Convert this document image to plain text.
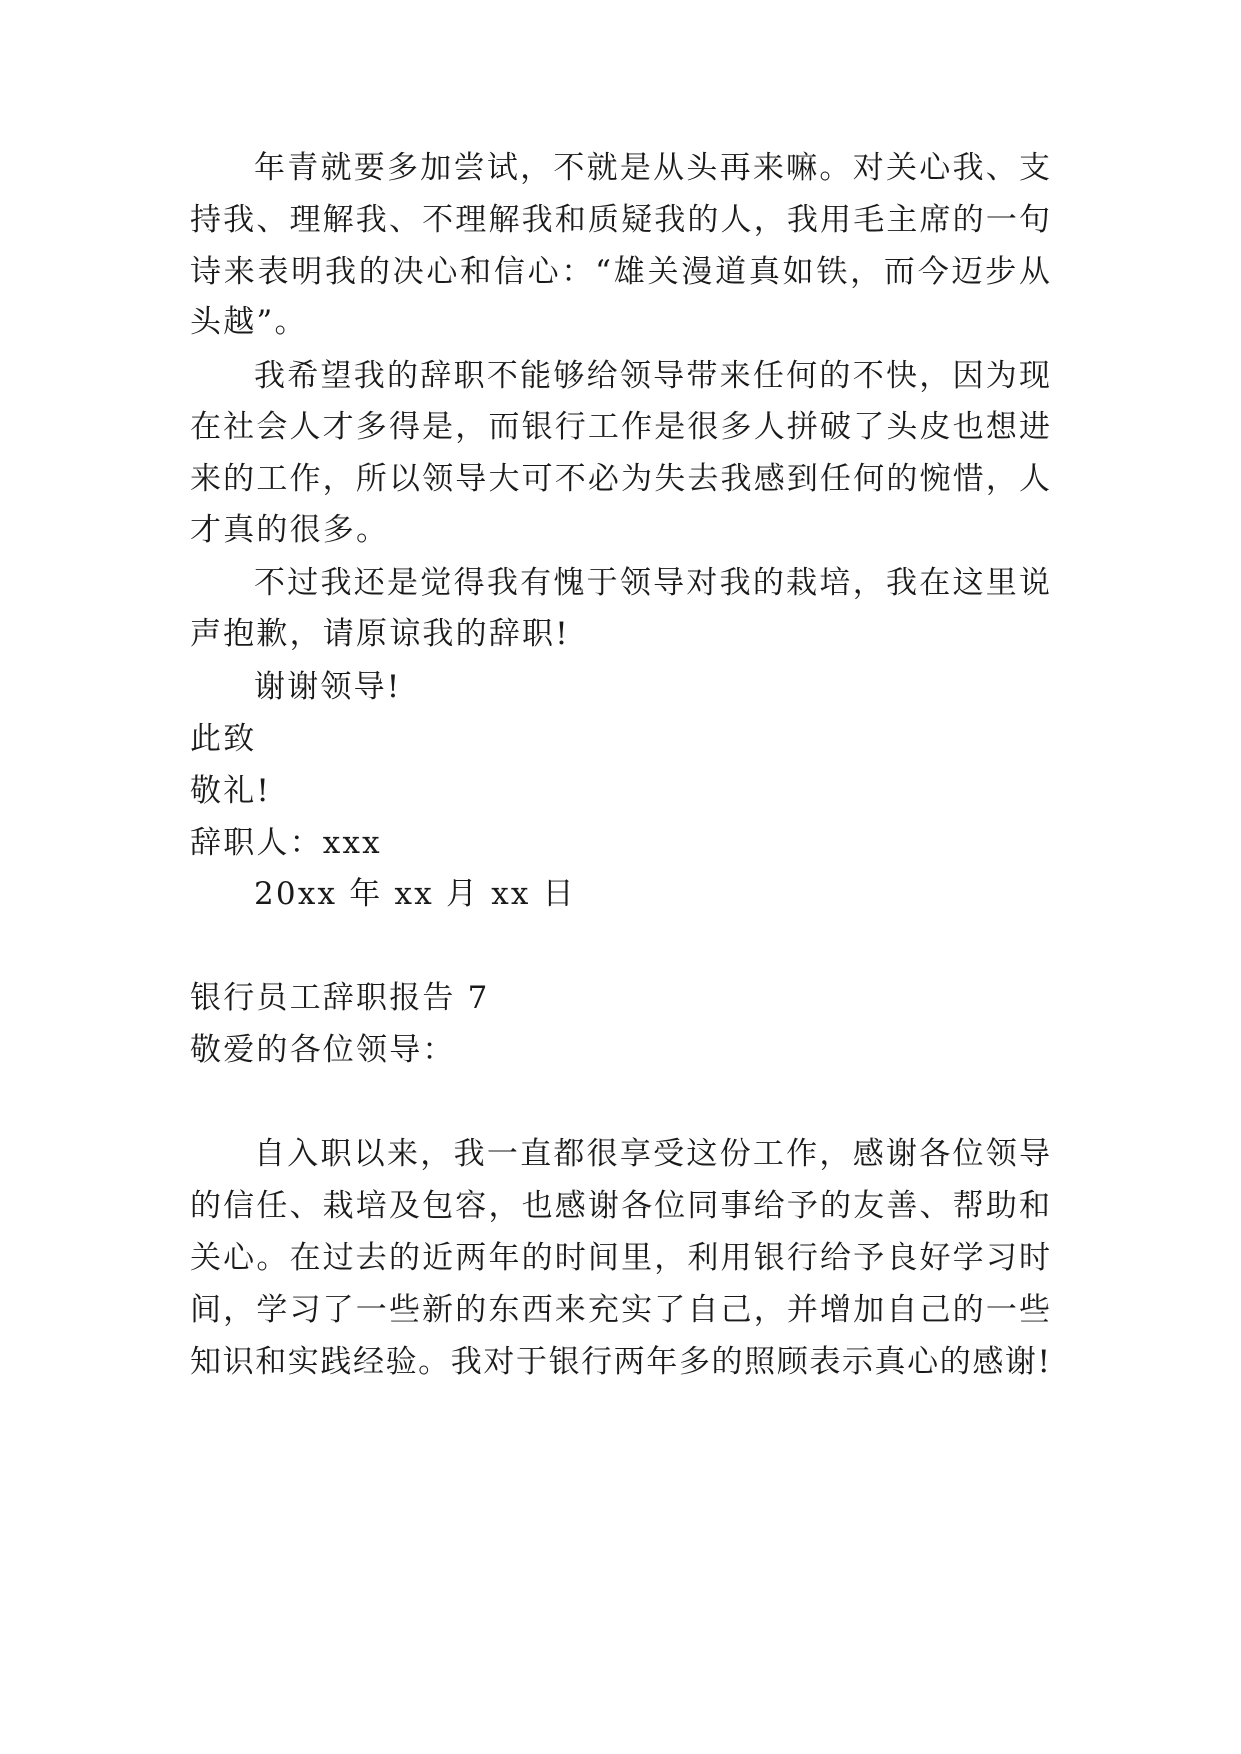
年青就要多加尝试，不就是从头再来嘛。对关心我、支
持我、理解我、不理解我和质疑我的人，我用毛主席的一句
诗来表明我的决心和信心：“雄关漫道真如铁，而今迈步从
头越”。
我希望我的辞职不能够给领导带来任何的不快，因为现
在社会人才多得是，而银行工作是很多人拼破了头皮也想进
来的工作，所以领导大可不必为失去我感到任何的惋惜，人
才真的很多。
不过我还是觉得我有愧于领导对我的栽培，我在这里说
声抱歉，请原谅我的辞职!
谢谢领导!
此致
敬礼!
辞职人：xxx
20xx 年 xx 月 xx 日
银行员工辞职报告 7
敬爱的各位领导：
自入职以来，我一直都很享受这份工作，感谢各位领导
的信任、栽培及包容，也感谢各位同事给予的友善、帮助和
关心。在过去的近两年的时间里，利用银行给予良好学习时
间，学习了一些新的东西来充实了自己，并增加自己的一些
知识和实践经验。我对于银行两年多的照顾表示真心的感谢!
